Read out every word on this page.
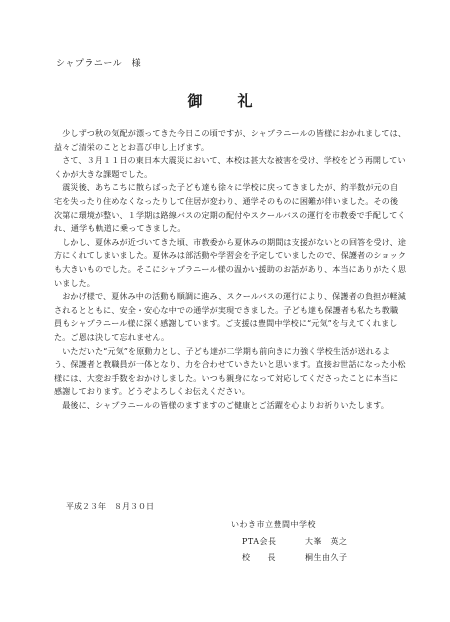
シャプラニール　様
御　礼

　少しずつ秋の気配が漂ってきた今日この頃ですが、シャプラニールの皆様におかれましては、益々ご清栄のこととお喜び申し上げます。

　さて、３月１１日の東日本大震災において、本校は甚大な被害を受け、学校をどう再開していくかが大きな課題でした。

　震災後、あちこちに散らばった子ども達も徐々に学校に戻ってきましたが、約半数が元の自宅を失ったり住めなくなったりして住居が変わり、通学そのものに困難が伴いました。その後次第に環境が整い、１学期は路線バスの定期の配付やスクールバスの運行を市教委で手配してくれ、通学も軌道に乗ってきました。

　しかし、夏休みが近づいてきた頃、市教委から夏休みの期間は支援がないとの回答を受け、途方にくれてしまいました。夏休みは部活動や学習会を予定していましたので、保護者のショックも大きいものでした。そこにシャプラニール様の温かい援助のお話があり、本当にありがたく思いました。

　おかげ様で、夏休み中の活動も順調に進み、スクールバスの運行により、保護者の負担が軽減されるとともに、安全・安心な中での通学が実現できました。子ども達も保護者も私たち教職員もシャプラニール様に深く感謝しています。ご支援は豊間中学校に“元気”を与えてくれました。ご恩は決して忘れません。

　いただいた“元気”を原動力とし、子ども達が二学期も前向きに力強く学校生活が送れるよう、保護者と教職員が一体となり、力を合わせていきたいと思います。直接お世話になった小松様には、大変お手数をおかけしました。いつも親身になって対応してくださったことに本当に感謝しております。どうぞよろしくお伝えください。

　最後に、シャプラニールの皆様のますますのご健康とご活躍を心よりお祈りいたします。

平成２３年　８月３０日
いわき市立豊間中学校
PTA会長	大峯　英之
校　　長	桐生由久子
